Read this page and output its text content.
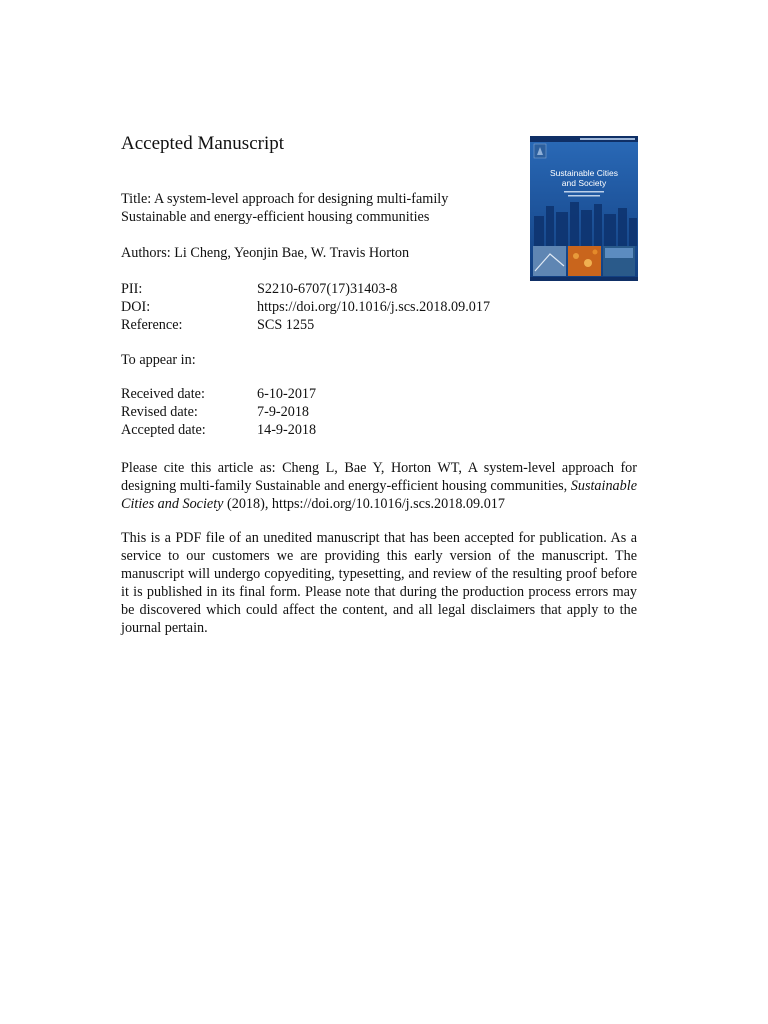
Accepted Manuscript
Title: A system-level approach for designing multi-family
Sustainable and energy-efficient housing communities
Authors: Li Cheng, Yeonjin Bae, W. Travis Horton
PII:	S2210-6707(17)31403-8
DOI:	https://doi.org/10.1016/j.scs.2018.09.017
Reference:	SCS 1255
To appear in:
Received date:	6-10-2017
Revised date:	7-9-2018
Accepted date:	14-9-2018
Please cite this article as: Cheng L, Bae Y, Horton WT, A system-level approach for designing multi-family Sustainable and energy-efficient housing communities, Sustainable Cities and Society (2018), https://doi.org/10.1016/j.scs.2018.09.017
This is a PDF file of an unedited manuscript that has been accepted for publication. As a service to our customers we are providing this early version of the manuscript. The manuscript will undergo copyediting, typesetting, and review of the resulting proof before it is published in its final form. Please note that during the production process errors may be discovered which could affect the content, and all legal disclaimers that apply to the journal pertain.
Sustainable Cities
and Society
